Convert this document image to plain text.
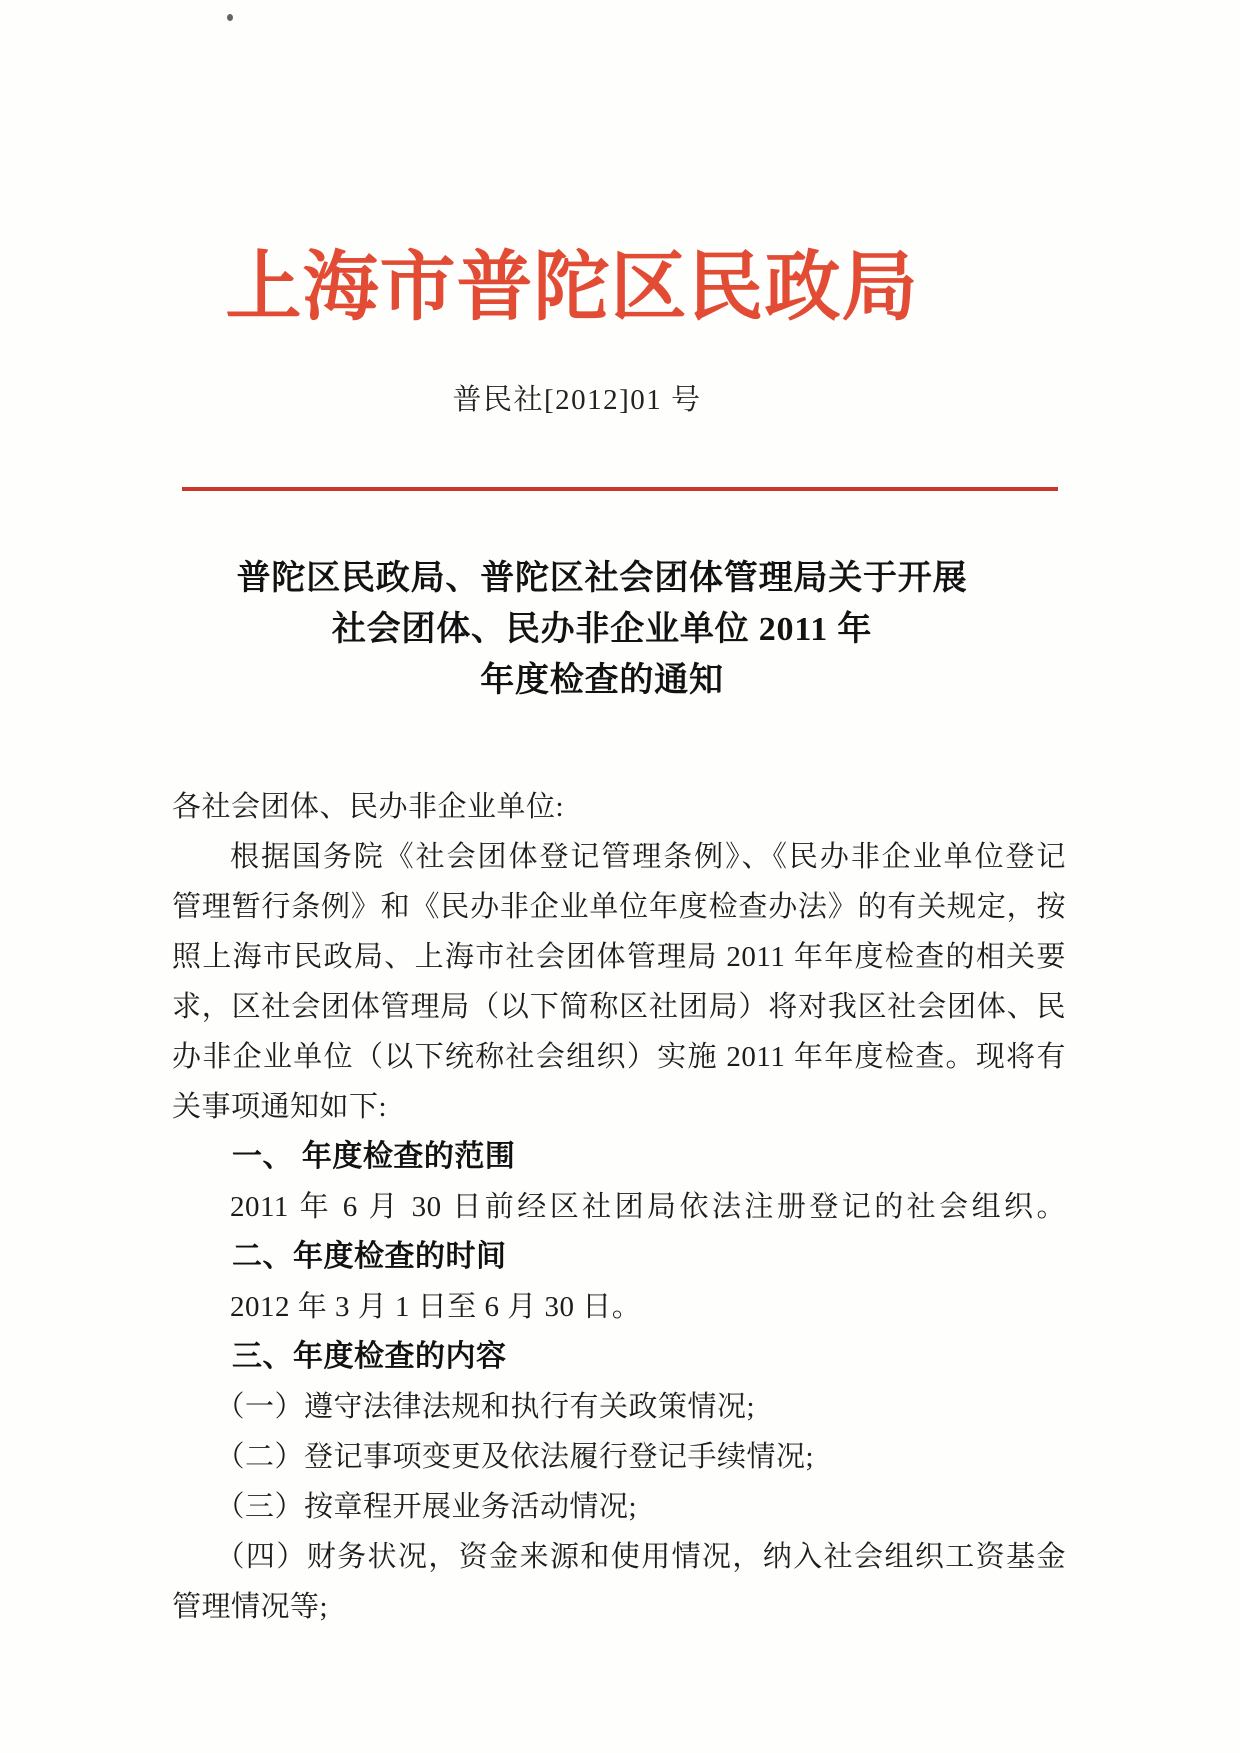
上海市普陀区民政局
普民社[2012]01 号
普陀区民政局、普陀区社会团体管理局关于开展
社会团体、民办非企业单位 2011 年
年度检查的通知
各社会团体、民办非企业单位:
根据国务院《社会团体登记管理条例》、《民办非企业单位登记
管理暂行条例》和《民办非企业单位年度检查办法》的有关规定，按
照上海市民政局、上海市社会团体管理局 2011 年年度检查的相关要
求，区社会团体管理局（以下简称区社团局）将对我区社会团体、民
办非企业单位（以下统称社会组织）实施 2011 年年度检查。现将有
关事项通知如下:
一、 年度检查的范围
2011 年 6 月 30 日前经区社团局依法注册登记的社会组织。
二、年度检查的时间
2012 年 3 月 1 日至 6 月 30 日。
三、年度检查的内容
（一）遵守法律法规和执行有关政策情况;
（二）登记事项变更及依法履行登记手续情况;
（三）按章程开展业务活动情况;
（四）财务状况，资金来源和使用情况，纳入社会组织工资基金
管理情况等;
